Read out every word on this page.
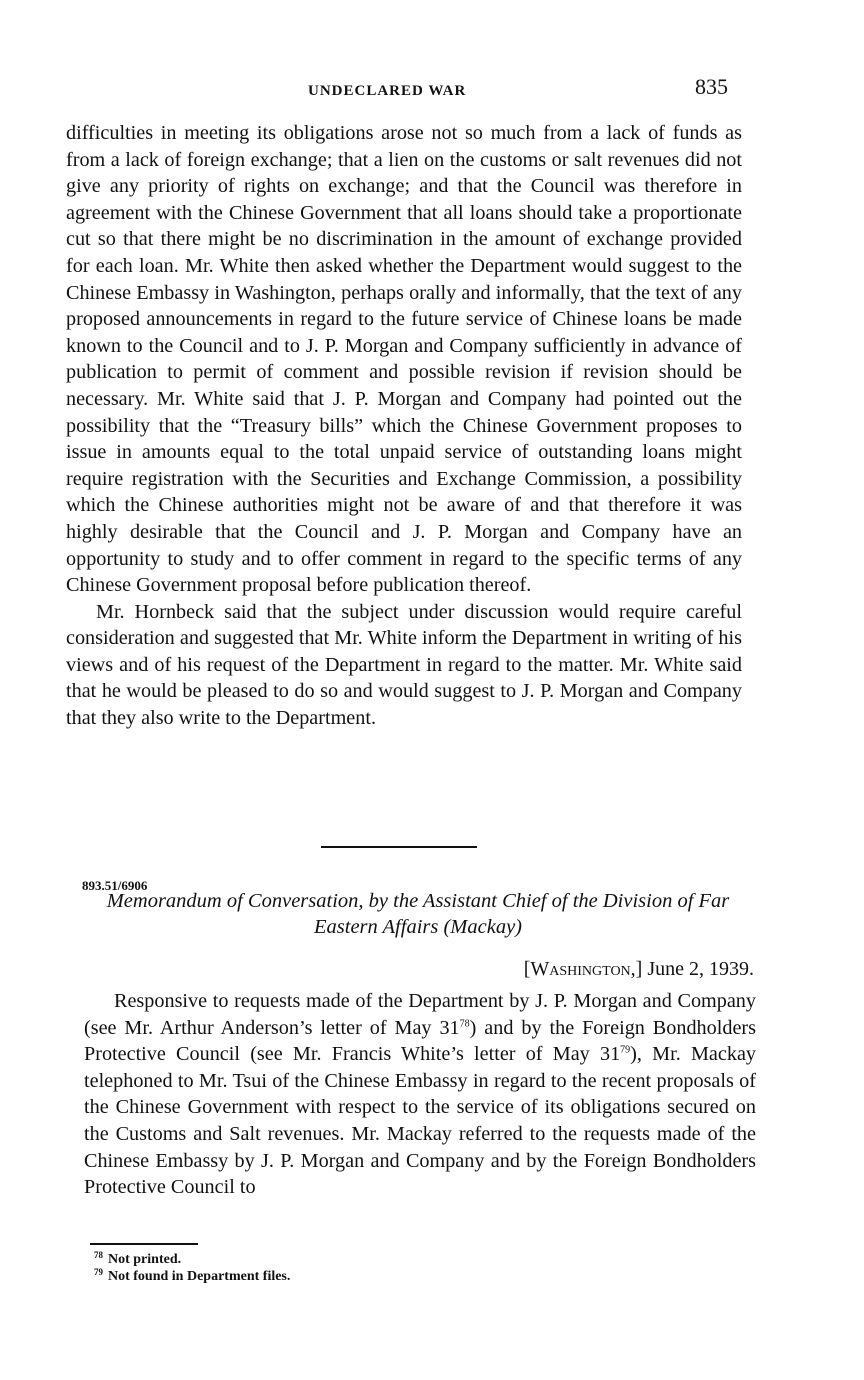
UNDECLARED WAR	835

difficulties in meeting its obligations arose not so much from a lack of funds as from a lack of foreign exchange; that a lien on the customs or salt revenues did not give any priority of rights on exchange; and that the Council was therefore in agreement with the Chinese Government that all loans should take a proportionate cut so that there might be no discrimination in the amount of exchange provided for each loan. Mr. White then asked whether the Department would suggest to the Chinese Embassy in Washington, perhaps orally and informally, that the text of any proposed announcements in regard to the future service of Chinese loans be made known to the Council and to J. P. Morgan and Company sufficiently in advance of publication to permit of comment and possible revision if revision should be necessary. Mr. White said that J. P. Morgan and Company had pointed out the possibility that the “Treasury bills” which the Chinese Government proposes to issue in amounts equal to the total unpaid service of outstanding loans might require registration with the Securities and Exchange Commission, a possibility which the Chinese authorities might not be aware of and that therefore it was highly desirable that the Council and J. P. Morgan and Company have an opportunity to study and to offer comment in regard to the specific terms of any Chinese Government proposal before publication thereof.

Mr. Hornbeck said that the subject under discussion would require careful consideration and suggested that Mr. White inform the Department in writing of his views and of his request of the Department in regard to the matter. Mr. White said that he would be pleased to do so and would suggest to J. P. Morgan and Company that they also write to the Department.

893.51/6906
Memorandum of Conversation, by the Assistant Chief of the Division of Far Eastern Affairs (Mackay)
[Washington,] June 2, 1939.

Responsive to requests made of the Department by J. P. Morgan and Company (see Mr. Arthur Anderson’s letter of May $31^{78}$) and by the Foreign Bondholders Protective Council (see Mr. Francis White’s letter of May $31^{79}$), Mr. Mackay telephoned to Mr. Tsui of the Chinese Embassy in regard to the recent proposals of the Chinese Government with respect to the service of its obligations secured on the Customs and Salt revenues. Mr. Mackay referred to the requests made of the Chinese Embassy by J. P. Morgan and Company and by the Foreign Bondholders Protective Council to

78 Not printed.
79 Not found in Department files.
